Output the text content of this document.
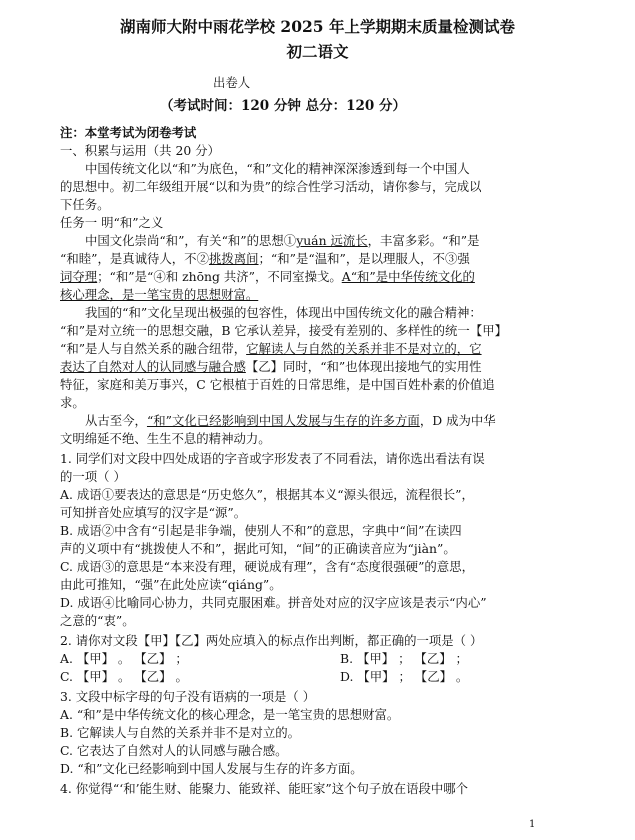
湖南师大附中雨花学校 2025 年上学期期末质量检测试卷
初二语文
出卷人
（考试时间：120 分钟 总分：120 分）
注：本堂考试为闭卷考试
一、积累与运用（共 20 分）
中国传统文化以“和”为底色，“和”文化的精神深深渗透到每一个中国人
的思想中。初二年级组开展“以和为贵”的综合性学习活动，请你参与，完成以
下任务。
任务一 明“和”之义
中国文化崇尚“和”，有关“和”的思想①yuán 远流长，丰富多彩。“和”是
“和睦”，是真诚待人，不②挑拨离间；“和”是“温和”，是以理服人，不③强
词夺理；“和”是“④和 zhōng 共济”，不同室操戈。A“和”是中华传统文化的
核心理念，是一笔宝贵的思想财富。
我国的“和”文化呈现出极强的包容性，体现出中国传统文化的融合精神：
“和”是对立统一的思想交融，B 它承认差异，接受有差别的、多样性的统一【甲】
“和”是人与自然关系的融合纽带，它解读人与自然的关系并非不是对立的，它
表达了自然对人的认同感与融合感【乙】同时，“和”也体现出接地气的实用性
特征，家庭和美万事兴，C 它根植于百姓的日常思维，是中国百姓朴素的价值追
求。
从古至今，“和”文化已经影响到中国人发展与生存的许多方面，D 成为中华
文明绵延不绝、生生不息的精神动力。
1. 同学们对文段中四处成语的字音或字形发表了不同看法，请你选出看法有误
的一项（ ）
A. 成语①要表达的意思是“历史悠久”，根据其本义“源头很远，流程很长”，
可知拼音处应填写的汉字是“源”。
B. 成语②中含有“引起是非争端，使别人不和”的意思，字典中“间”在读四
声的义项中有“挑拨使人不和”，据此可知，“间”的正确读音应为“jiàn”。
C. 成语③的意思是“本来没有理，硬说成有理”，含有“态度很强硬”的意思，
由此可推知，“强”在此处应读“qiáng”。
D. 成语④比喻同心协力，共同克服困难。拼音处对应的汉字应该是表示“内心”
之意的“衷”。
2. 请你对文段【甲】【乙】两处应填入的标点作出判断，都正确的一项是（ ）
A. 【甲】 。 【乙】 ；	B. 【甲】 ； 【乙】 ；
C. 【甲】 。 【乙】 。	D. 【甲】 ； 【乙】 。
3. 文段中标字母的句子没有语病的一项是（ ）
A. “和”是中华传统文化的核心理念，是一笔宝贵的思想财富。
B. 它解读人与自然的关系并非不是对立的。
C. 它表达了自然对人的认同感与融合感。
D. “和”文化已经影响到中国人发展与生存的许多方面。
4. 你觉得“‘和’能生财、能聚力、能致祥、能旺家”这个句子放在语段中哪个
1
